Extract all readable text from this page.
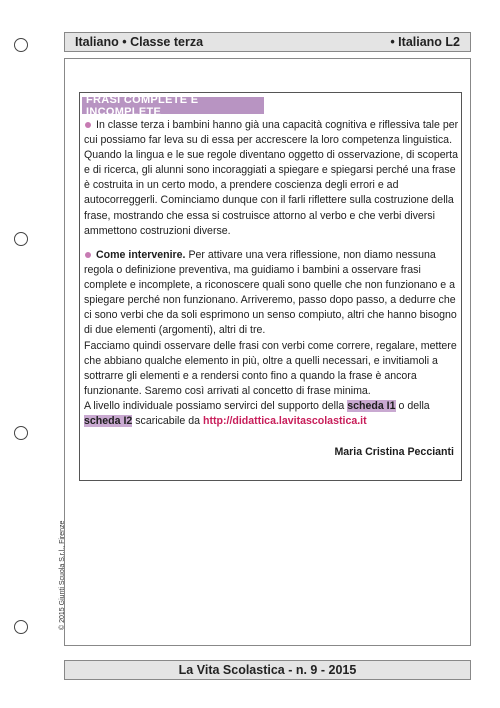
Italiano • Classe terza	• Italiano L2
FRASI COMPLETE E INCOMPLETE
In classe terza i bambini hanno già una capacità cognitiva e riflessiva tale per cui possiamo far leva su di essa per accrescere la loro competenza linguistica. Quando la lingua e le sue regole diventano oggetto di osservazione, di scoperta e di ricerca, gli alunni sono incoraggiati a spiegare e spiegarsi perché una frase è costruita in un certo modo, a prendere coscienza degli errori e ad autocorreggerli. Cominciamo dunque con il farli riflettere sulla costruzione della frase, mostrando che essa si costruisce attorno al verbo e che verbi diversi ammettono costruzioni diverse.
Come intervenire. Per attivare una vera riflessione, non diamo nessuna regola o definizione preventiva, ma guidiamo i bambini a osservare frasi complete e incomplete, a riconoscere quali sono quelle che non funzionano e a spiegare perché non funzionano. Arriveremo, passo dopo passo, a dedurre che ci sono verbi che da soli esprimono un senso compiuto, altri che hanno bisogno di due elementi (argomenti), altri di tre.
Facciamo quindi osservare delle frasi con verbi come correre, regalare, mettere che abbiano qualche elemento in più, oltre a quelli necessari, e invitiamoli a sottrarre gli elementi e a rendersi conto fino a quando la frase è ancora funzionante. Saremo così arrivati al concetto di frase minima.
A livello individuale possiamo servirci del supporto della scheda I1 o della scheda I2 scaricabile da http://didattica.lavitascolastica.it
Maria Cristina Peccianti
© 2015 Giunti Scuola S.r.l., Firenze
La Vita Scolastica - n. 9 - 2015
